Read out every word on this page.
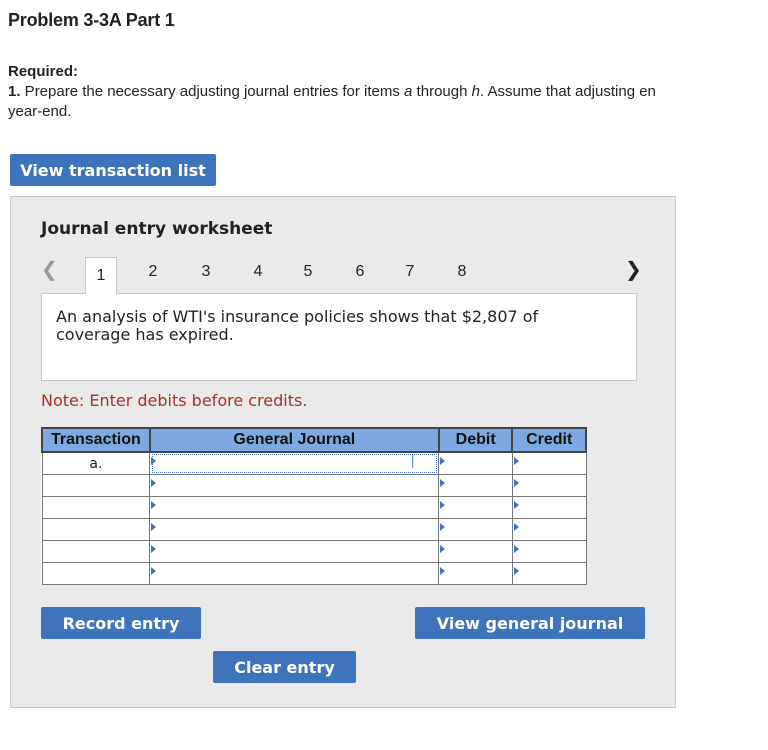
Problem 3-3A Part 1
Required:
1. Prepare the necessary adjusting journal entries for items a through h. Assume that adjusting en
year-end.
View transaction list
Journal entry worksheet
❮	❯
1	2	3	4	5	6	7	8
An analysis of WTI's insurance policies shows that $2,807 of coverage has expired.
Note: Enter debits before credits.
Transaction	General Journal	Debit	Credit
a.	│		

Record entry	View general journal
Clear entry
